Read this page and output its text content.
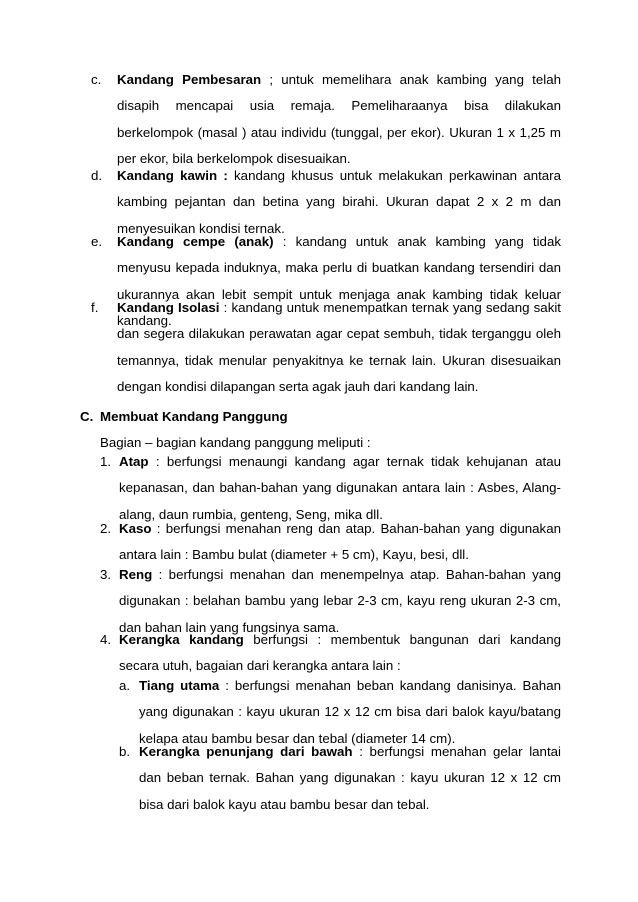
c. Kandang Pembesaran ; untuk memelihara anak kambing yang telah disapih mencapai usia remaja. Pemeliharaanya bisa dilakukan berkelompok (masal ) atau individu (tunggal, per ekor). Ukuran 1 x 1,25 m per ekor, bila berkelompok disesuaikan.

d. Kandang kawin : kandang khusus untuk melakukan perkawinan antara kambing pejantan dan betina yang birahi. Ukuran dapat 2 x 2 m dan menyesuikan kondisi ternak.

e. Kandang cempe (anak) : kandang untuk anak kambing yang tidak menyusu kepada induknya, maka perlu di buatkan kandang tersendiri dan ukurannya akan lebit sempit untuk menjaga anak kambing tidak keluar kandang.

f. Kandang Isolasi : kandang untuk menempatkan ternak yang sedang sakit dan segera dilakukan perawatan agar cepat sembuh, tidak terganggu oleh temannya, tidak menular penyakitnya ke ternak lain. Ukuran disesuaikan dengan kondisi dilapangan serta agak jauh dari kandang lain.

C. Membuat Kandang Panggung
Bagian – bagian kandang panggung meliputi :
1. Atap : berfungsi menaungi kandang agar ternak tidak kehujanan atau kepanasan, dan bahan-bahan yang digunakan antara lain : Asbes, Alang-alang, daun rumbia, genteng, Seng, mika dll.

2. Kaso : berfungsi menahan reng dan atap. Bahan-bahan yang digunakan antara lain : Bambu bulat (diameter + 5 cm), Kayu, besi, dll.

3. Reng : berfungsi menahan dan menempelnya atap. Bahan-bahan yang digunakan : belahan bambu yang lebar 2-3 cm, kayu reng ukuran 2-3 cm, dan bahan lain yang fungsinya sama.

4. Kerangka kandang berfungsi : membentuk bangunan dari kandang secara utuh, bagaian dari kerangka antara lain :

a. Tiang utama : berfungsi menahan beban kandang danisinya. Bahan yang digunakan : kayu ukuran 12 x 12 cm bisa dari balok kayu/batang kelapa atau bambu besar dan tebal (diameter 14 cm).

b. Kerangka penunjang dari bawah : berfungsi menahan gelar lantai dan beban ternak. Bahan yang digunakan : kayu ukuran 12 x 12 cm bisa dari balok kayu atau bambu besar dan tebal.
